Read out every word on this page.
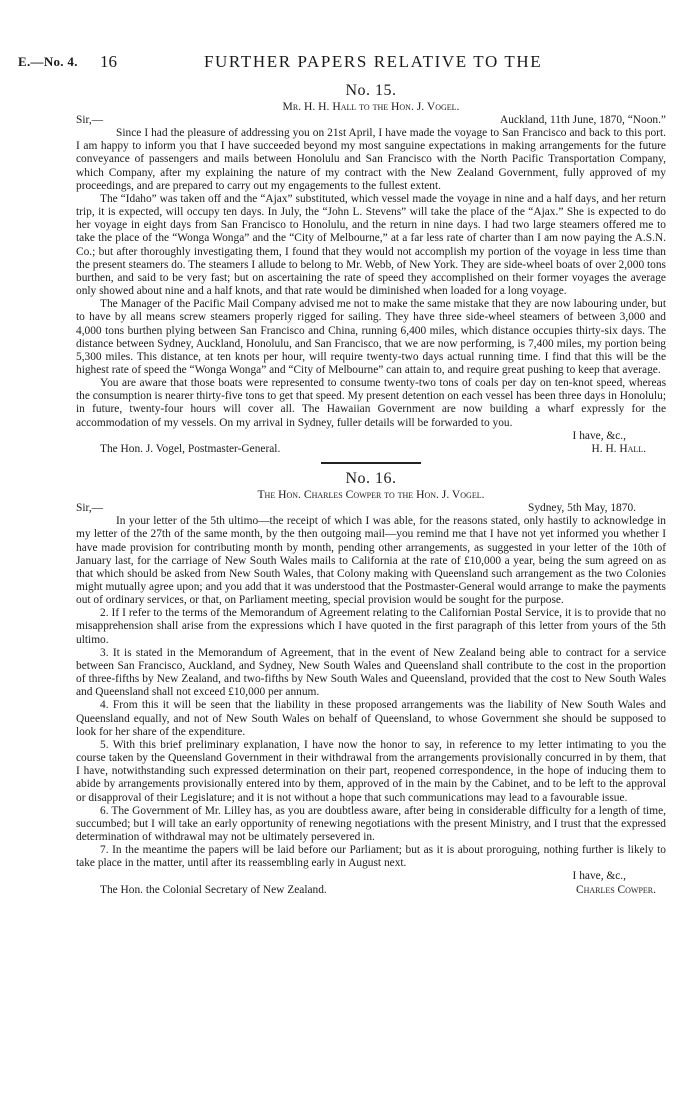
E.—No. 4. 16	FURTHER PAPERS RELATIVE TO THE
No. 15.
Mr. H. H. Hall to the Hon. J. Vogel.
Sir,—	Auckland, 11th June, 1870, “Noon.”

Since I had the pleasure of addressing you on 21st April, I have made the voyage to San Francisco and back to this port. I am happy to inform you that I have succeeded beyond my most sanguine expectations in making arrangements for the future conveyance of passengers and mails between Honolulu and San Francisco with the North Pacific Transportation Company, which Company, after my explaining the nature of my contract with the New Zealand Government, fully approved of my proceedings, and are prepared to carry out my engagements to the fullest extent.

The “Idaho” was taken off and the “Ajax” substituted, which vessel made the voyage in nine and a half days, and her return trip, it is expected, will occupy ten days. In July, the “John L. Stevens” will take the place of the “Ajax.” She is expected to do her voyage in eight days from San Francisco to Honolulu, and the return in nine days. I had two large steamers offered me to take the place of the “Wonga Wonga” and the “City of Melbourne,” at a far less rate of charter than I am now paying the A.S.N. Co.; but after thoroughly investigating them, I found that they would not accomplish my portion of the voyage in less time than the present steamers do. The steamers I allude to belong to Mr. Webb, of New York. They are side-wheel boats of over 2,000 tons burthen, and said to be very fast; but on ascertaining the rate of speed they accomplished on their former voyages the average only showed about nine and a half knots, and that rate would be diminished when loaded for a long voyage.

The Manager of the Pacific Mail Company advised me not to make the same mistake that they are now labouring under, but to have by all means screw steamers properly rigged for sailing. They have three side-wheel steamers of between 3,000 and 4,000 tons burthen plying between San Francisco and China, running 6,400 miles, which distance occupies thirty-six days. The distance between Sydney, Auckland, Honolulu, and San Francisco, that we are now performing, is 7,400 miles, my portion being 5,300 miles. This distance, at ten knots per hour, will require twenty-two days actual running time. I find that this will be the highest rate of speed the “Wonga Wonga” and “City of Melbourne” can attain to, and require great pushing to keep that average.

You are aware that those boats were represented to consume twenty-two tons of coals per day on ten-knot speed, whereas the consumption is nearer thirty-five tons to get that speed. My present detention on each vessel has been three days in Honolulu; in future, twenty-four hours will cover all. The Hawaiian Government are now building a wharf expressly for the accommodation of my vessels. On my arrival in Sydney, fuller details will be forwarded to you.

I have, &c.,
The Hon. J. Vogel, Postmaster-General.	H. H. Hall.
No. 16.
The Hon. Charles Cowper to the Hon. J. Vogel.
Sir,—	Sydney, 5th May, 1870.

In your letter of the 5th ultimo—the receipt of which I was able, for the reasons stated, only hastily to acknowledge in my letter of the 27th of the same month, by the then outgoing mail—you remind me that I have not yet informed you whether I have made provision for contributing month by month, pending other arrangements, as suggested in your letter of the 10th of January last, for the carriage of New South Wales mails to California at the rate of £10,000 a year, being the sum agreed on as that which should be asked from New South Wales, that Colony making with Queensland such arrangement as the two Colonies might mutually agree upon; and you add that it was understood that the Postmaster-General would arrange to make the payments out of ordinary services, or that, on Parliament meeting, special provision would be sought for the purpose.

2. If I refer to the terms of the Memorandum of Agreement relating to the Californian Postal Service, it is to provide that no misapprehension shall arise from the expressions which I have quoted in the first paragraph of this letter from yours of the 5th ultimo.

3. It is stated in the Memorandum of Agreement, that in the event of New Zealand being able to contract for a service between San Francisco, Auckland, and Sydney, New South Wales and Queensland shall contribute to the cost in the proportion of three-fifths by New Zealand, and two-fifths by New South Wales and Queensland, provided that the cost to New South Wales and Queensland shall not exceed £10,000 per annum.

4. From this it will be seen that the liability in these proposed arrangements was the liability of New South Wales and Queensland equally, and not of New South Wales on behalf of Queensland, to whose Government she should be supposed to look for her share of the expenditure.

5. With this brief preliminary explanation, I have now the honor to say, in reference to my letter intimating to you the course taken by the Queensland Government in their withdrawal from the arrangements provisionally concurred in by them, that I have, notwithstanding such expressed determination on their part, reopened correspondence, in the hope of inducing them to abide by arrangements provisionally entered into by them, approved of in the main by the Cabinet, and to be left to the approval or disapproval of their Legislature; and it is not without a hope that such communications may lead to a favourable issue.

6. The Government of Mr. Lilley has, as you are doubtless aware, after being in considerable difficulty for a length of time, succumbed; but I will take an early opportunity of renewing negotiations with the present Ministry, and I trust that the expressed determination of withdrawal may not be ultimately persevered in.

7. In the meantime the papers will be laid before our Parliament; but as it is about proroguing, nothing further is likely to take place in the matter, until after its reassembling early in August next.

I have, &c.,
The Hon. the Colonial Secretary of New Zealand.	Charles Cowper.
